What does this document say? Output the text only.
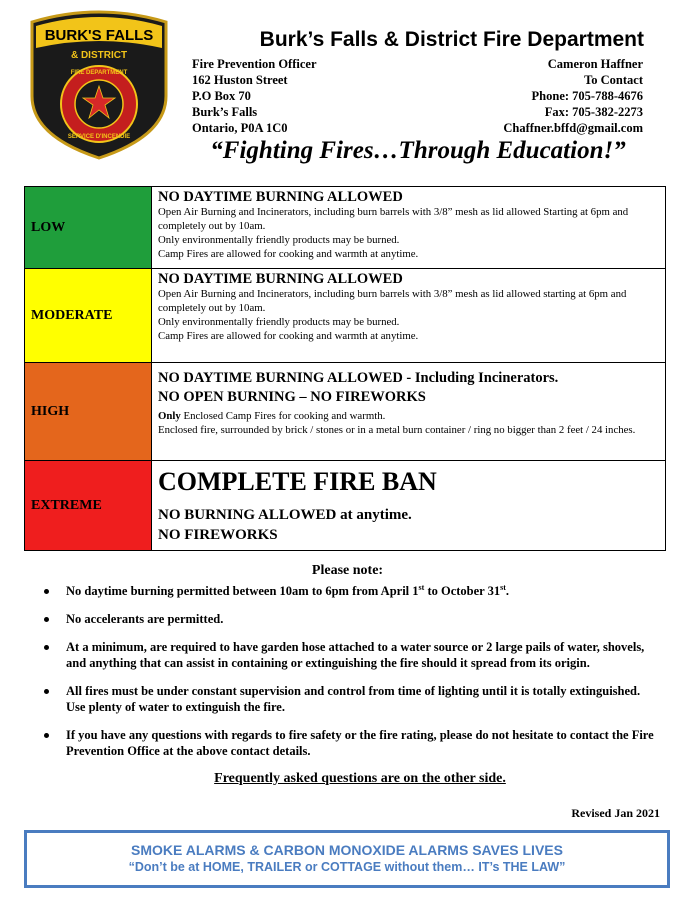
BURK'S FALLS
& DISTRICT
FIRE DEPARTMENT
SERVICE D'INCENDIE
Burk’s Falls & District Fire Department
Fire Prevention Officer
162 Huston Street
P.O Box 70
Burk’s Falls
Ontario, P0A 1C0
Cameron Haffner
To Contact
Phone: 705-788-4676
Fax: 705-382-2273
Chaffner.bffd@gmail.com
“Fighting Fires…Through Education!”
LOW	NO DAYTIME BURNING ALLOWED
Open Air Burning and Incinerators, including burn barrels with 3/8” mesh as lid allowed Starting at 6pm and completely out by 10am.
Only environmentally friendly products may be burned.
Camp Fires are allowed for cooking and warmth at anytime.

MODERATE	NO DAYTIME BURNING ALLOWED
Open Air Burning and Incinerators, including burn barrels with 3/8” mesh as lid allowed starting at 6pm and completely out by 10am.
Only environmentally friendly products may be burned.
Camp Fires are allowed for cooking and warmth at anytime.

HIGH	NO DAYTIME BURNING ALLOWED - Including Incinerators.
NO OPEN BURNING – NO FIREWORKS
Only Enclosed Camp Fires for cooking and warmth.
Enclosed fire, surrounded by brick / stones or in a metal burn container / ring no bigger than 2 feet / 24 inches.

EXTREME	COMPLETE FIRE BAN
NO BURNING ALLOWED at anytime.
NO FIREWORKS
Please note:
No daytime burning permitted between 10am to 6pm from April 1st to October 31st.
No accelerants are permitted.
At a minimum, are required to have garden hose attached to a water source or 2 large pails of water, shovels, and anything that can assist in containing or extinguishing the fire should it spread from its origin.
All fires must be under constant supervision and control from time of lighting until it is totally extinguished. Use plenty of water to extinguish the fire.
If you have any questions with regards to fire safety or the fire rating, please do not hesitate to contact the Fire Prevention Office at the above contact details.
Frequently asked questions are on the other side.
Revised Jan 2021
SMOKE ALARMS & CARBON MONOXIDE ALARMS SAVES LIVES
“Don’t be at HOME, TRAILER or COTTAGE without them… IT’s THE LAW”
